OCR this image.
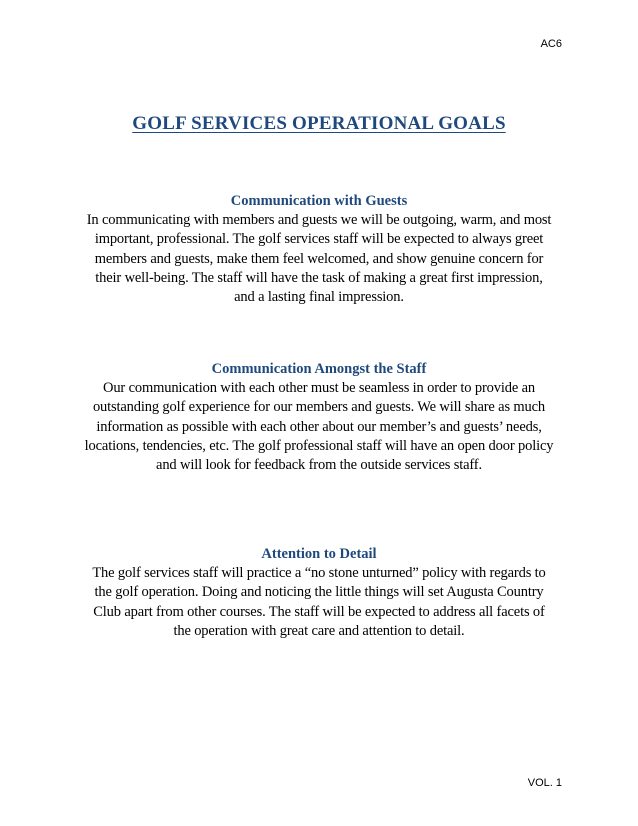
AC6
GOLF SERVICES OPERATIONAL GOALS
Communication with Guests

In communicating with members and guests we will be outgoing, warm, and most
important, professional. The golf services staff will be expected to always greet
members and guests, make them feel welcomed, and show genuine concern for
their well-being. The staff will have the task of making a great first impression,
and a lasting final impression.

Communication Amongst the Staff

Our communication with each other must be seamless in order to provide an
outstanding golf experience for our members and guests. We will share as much
information as possible with each other about our member’s and guests’ needs,
locations, tendencies, etc. The golf professional staff will have an open door policy
and will look for feedback from the outside services staff.

Attention to Detail

The golf services staff will practice a “no stone unturned” policy with regards to
the golf operation. Doing and noticing the little things will set Augusta Country
Club apart from other courses. The staff will be expected to address all facets of
the operation with great care and attention to detail.

VOL. 1
